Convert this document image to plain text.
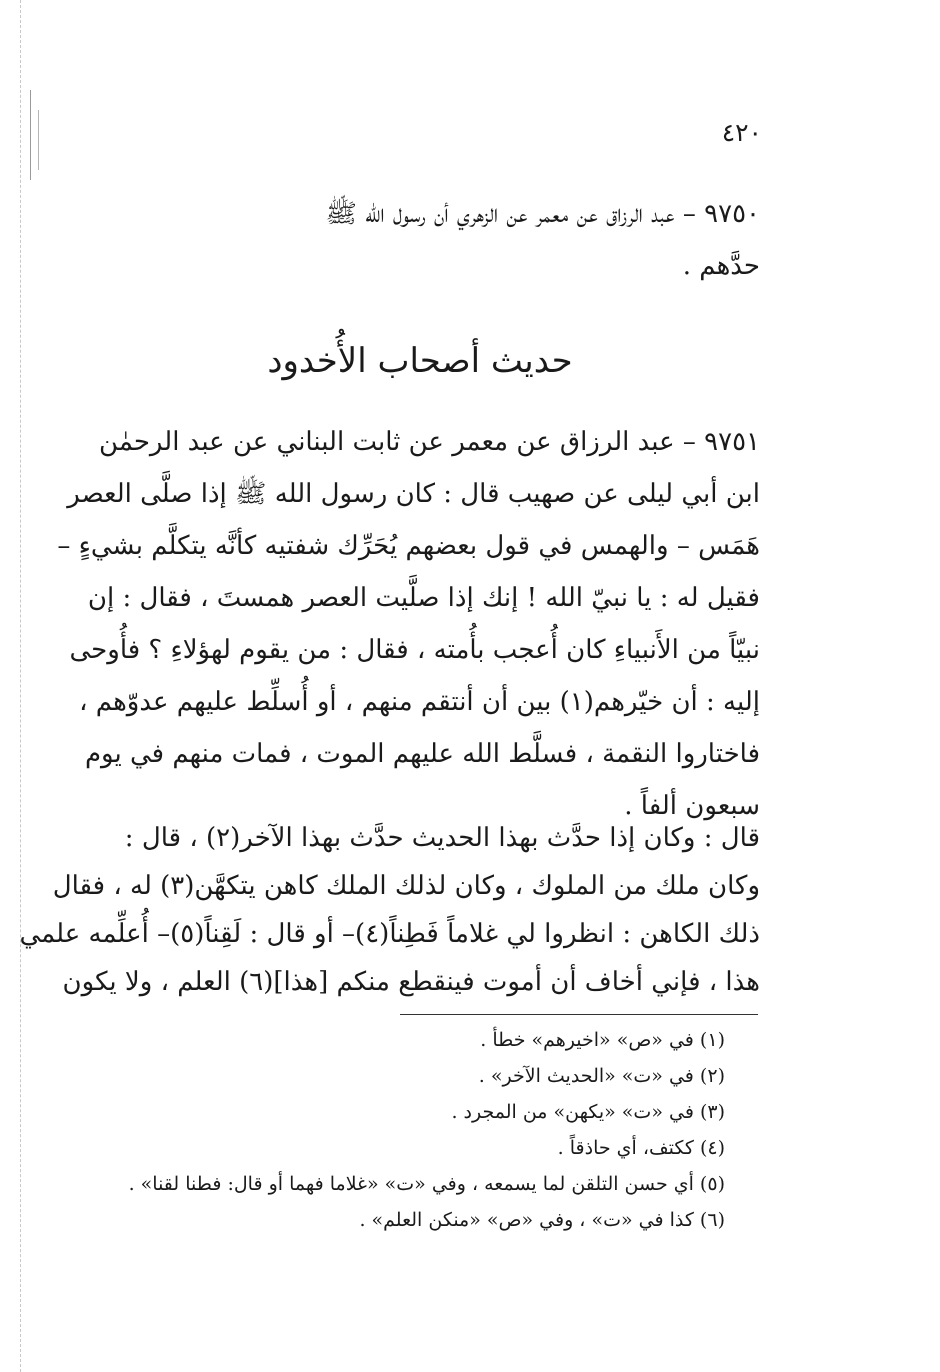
٤٢٠
٩٧٥٠ – عبد الرزاق عن معمر عن الزهري أن رسول الله ﷺ
حدَّهم .
حديث أصحاب الأُخدود
٩٧٥١ – عبد الرزاق عن معمر عن ثابت البناني عن عبد الرحمٰن
ابن أبي ليلى عن صهيب قال : كان رسول الله ﷺ إذا صلَّى العصر
هَمَس – والهمس في قول بعضهم يُحَرِّك شفتيه كأنَّه يتكلَّم بشيءٍ –
فقيل له : يا نبيّ الله ! إنك إذا صلَّيت العصر همستَ ، فقال : إن
نبيّاً من الأَنبياءِ كان أُعجب بأُمته ، فقال : من يقوم لهؤلاءِ ؟ فأُوحى
إليه : أن خيّرهم(١) بين أن أنتقم منهم ، أو أُسلِّط عليهم عدوّهم ،
فاختاروا النقمة ، فسلَّط الله عليهم الموت ، فمات منهم في يوم
سبعون ألفاً .
قال : وكان إذا حدَّث بهذا الحديث حدَّث بهذا الآخر(٢) ، قال :
وكان ملك من الملوك ، وكان لذلك الملك كاهن يتكهَّن(٣) له ، فقال
ذلك الكاهن : انظروا لي غلاماً فَطِناً(٤)– أو قال : لَقِناً(٥)– أُعلِّمه علمي
هذا ، فإني أخاف أن أموت فينقطع منكم [هذا](٦) العلم ، ولا يكون
(١) في «ص» «اخيرهم» خطأ .
(٢) في «ت» «الحديث الآخر» .
(٣) في «ت» «يكهن» من المجرد .
(٤) ككتف، أي حاذقاً .
(٥) أي حسن التلقن لما يسمعه ، وفي «ت» «غلاما فهما أو قال: فطنا لقنا» .
(٦) كذا في «ت» ، وفي «ص» «منكن العلم» .
